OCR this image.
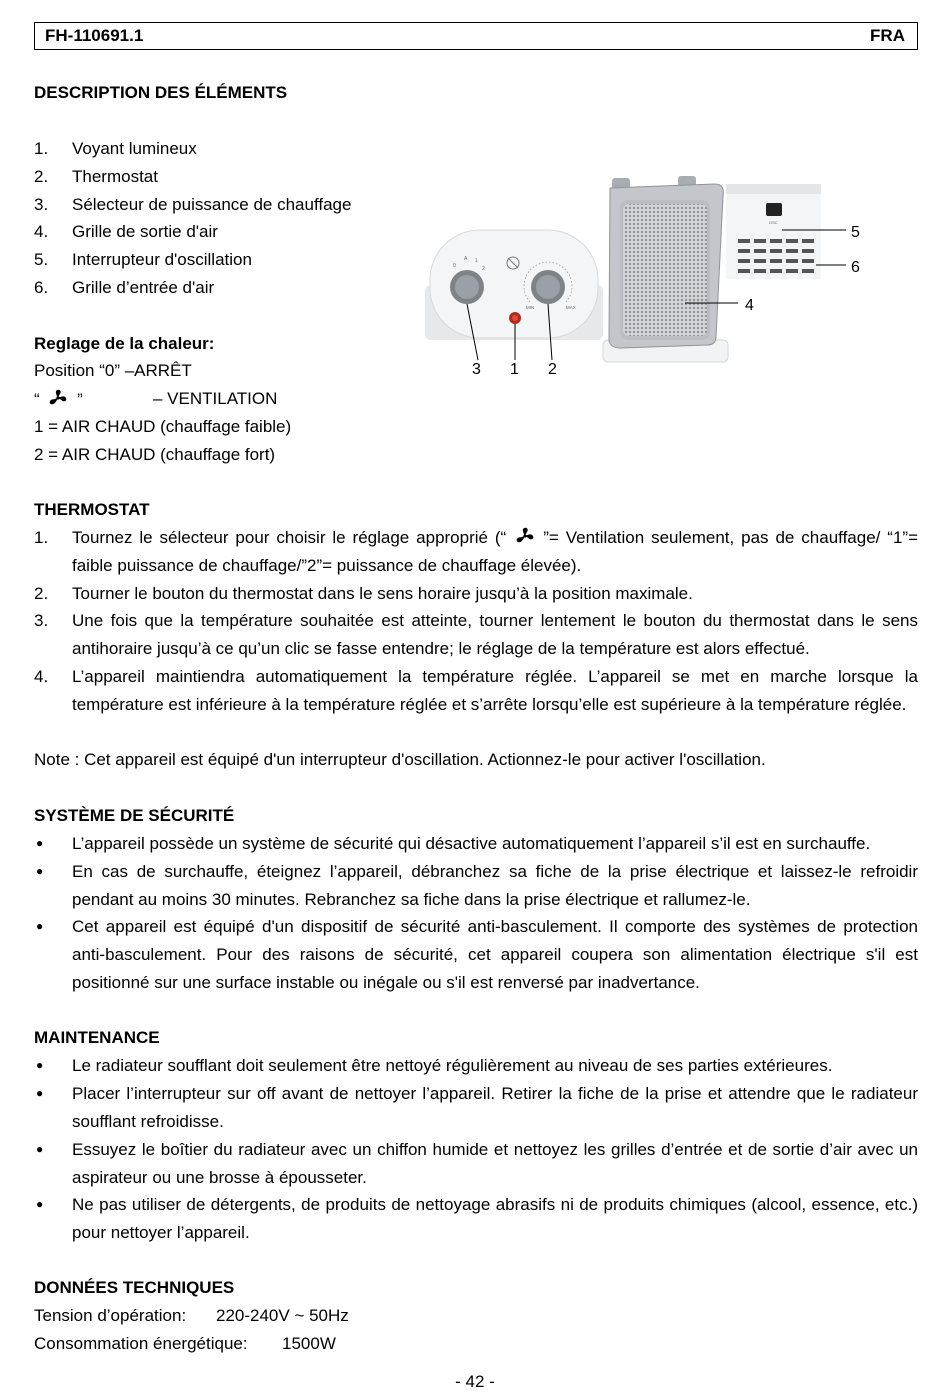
FH-110691.1	FRA
DESCRIPTION DES ÉLÉMENTS
1.	Voyant lumineux
2.	Thermostat
3.	Sélecteur de puissance de chauffage
4.	Grille de sortie d'air
5.	Interrupteur d'oscillation
6.	Grille d’entrée d'air
0
A 1
2
MIN	MAX
3 1 2
4
OSC
5
6
Reglage de la chaleur:
Position “0” –ARRÊT
“ ”	– VENTILATION
1 = AIR CHAUD (chauffage faible)
2 = AIR CHAUD (chauffage fort)
THERMOSTAT
1. Tournez le sélecteur pour choisir le réglage approprié (“ ”= Ventilation seulement, pas de chauffage/ “1”= faible puissance de chauffage/”2”= puissance de chauffage élevée).
2. Tourner le bouton du thermostat dans le sens horaire jusqu’à la position maximale.
3. Une fois que la température souhaitée est atteinte, tourner lentement le bouton du thermostat dans le sens antihoraire jusqu’à ce qu’un clic se fasse entendre; le réglage de la température est alors effectué.
4. L’appareil maintiendra automatiquement la température réglée. L’appareil se met en marche lorsque la température est inférieure à la température réglée et s’arrête lorsqu’elle est supérieure à la température réglée.
Note : Cet appareil est équipé d'un interrupteur d'oscillation. Actionnez-le pour activer l'oscillation.
SYSTÈME DE SÉCURITÉ
● L’appareil possède un système de sécurité qui désactive automatiquement l’appareil s’il est en surchauffe.
● En cas de surchauffe, éteignez l’appareil, débranchez sa fiche de la prise électrique et laissez-le refroidir pendant au moins 30 minutes. Rebranchez sa fiche dans la prise électrique et rallumez-le.
● Cet appareil est équipé d'un dispositif de sécurité anti-basculement. Il comporte des systèmes de protection anti-basculement. Pour des raisons de sécurité, cet appareil coupera son alimentation électrique s'il est positionné sur une surface instable ou inégale ou s'il est renversé par inadvertance.
MAINTENANCE
● Le radiateur soufflant doit seulement être nettoyé régulièrement au niveau de ses parties extérieures.
● Placer l’interrupteur sur off avant de nettoyer l’appareil. Retirer la fiche de la prise et attendre que le radiateur soufflant refroidisse.
● Essuyez le boîtier du radiateur avec un chiffon humide et nettoyez les grilles d’entrée et de sortie d’air avec un aspirateur ou une brosse à épousseter.
● Ne pas utiliser de détergents, de produits de nettoyage abrasifs ni de produits chimiques (alcool, essence, etc.) pour nettoyer l’appareil.
DONNÉES TECHNIQUES
Tension d’opération: 220-240V ~ 50Hz
Consommation énergétique: 1500W
- 42 -
